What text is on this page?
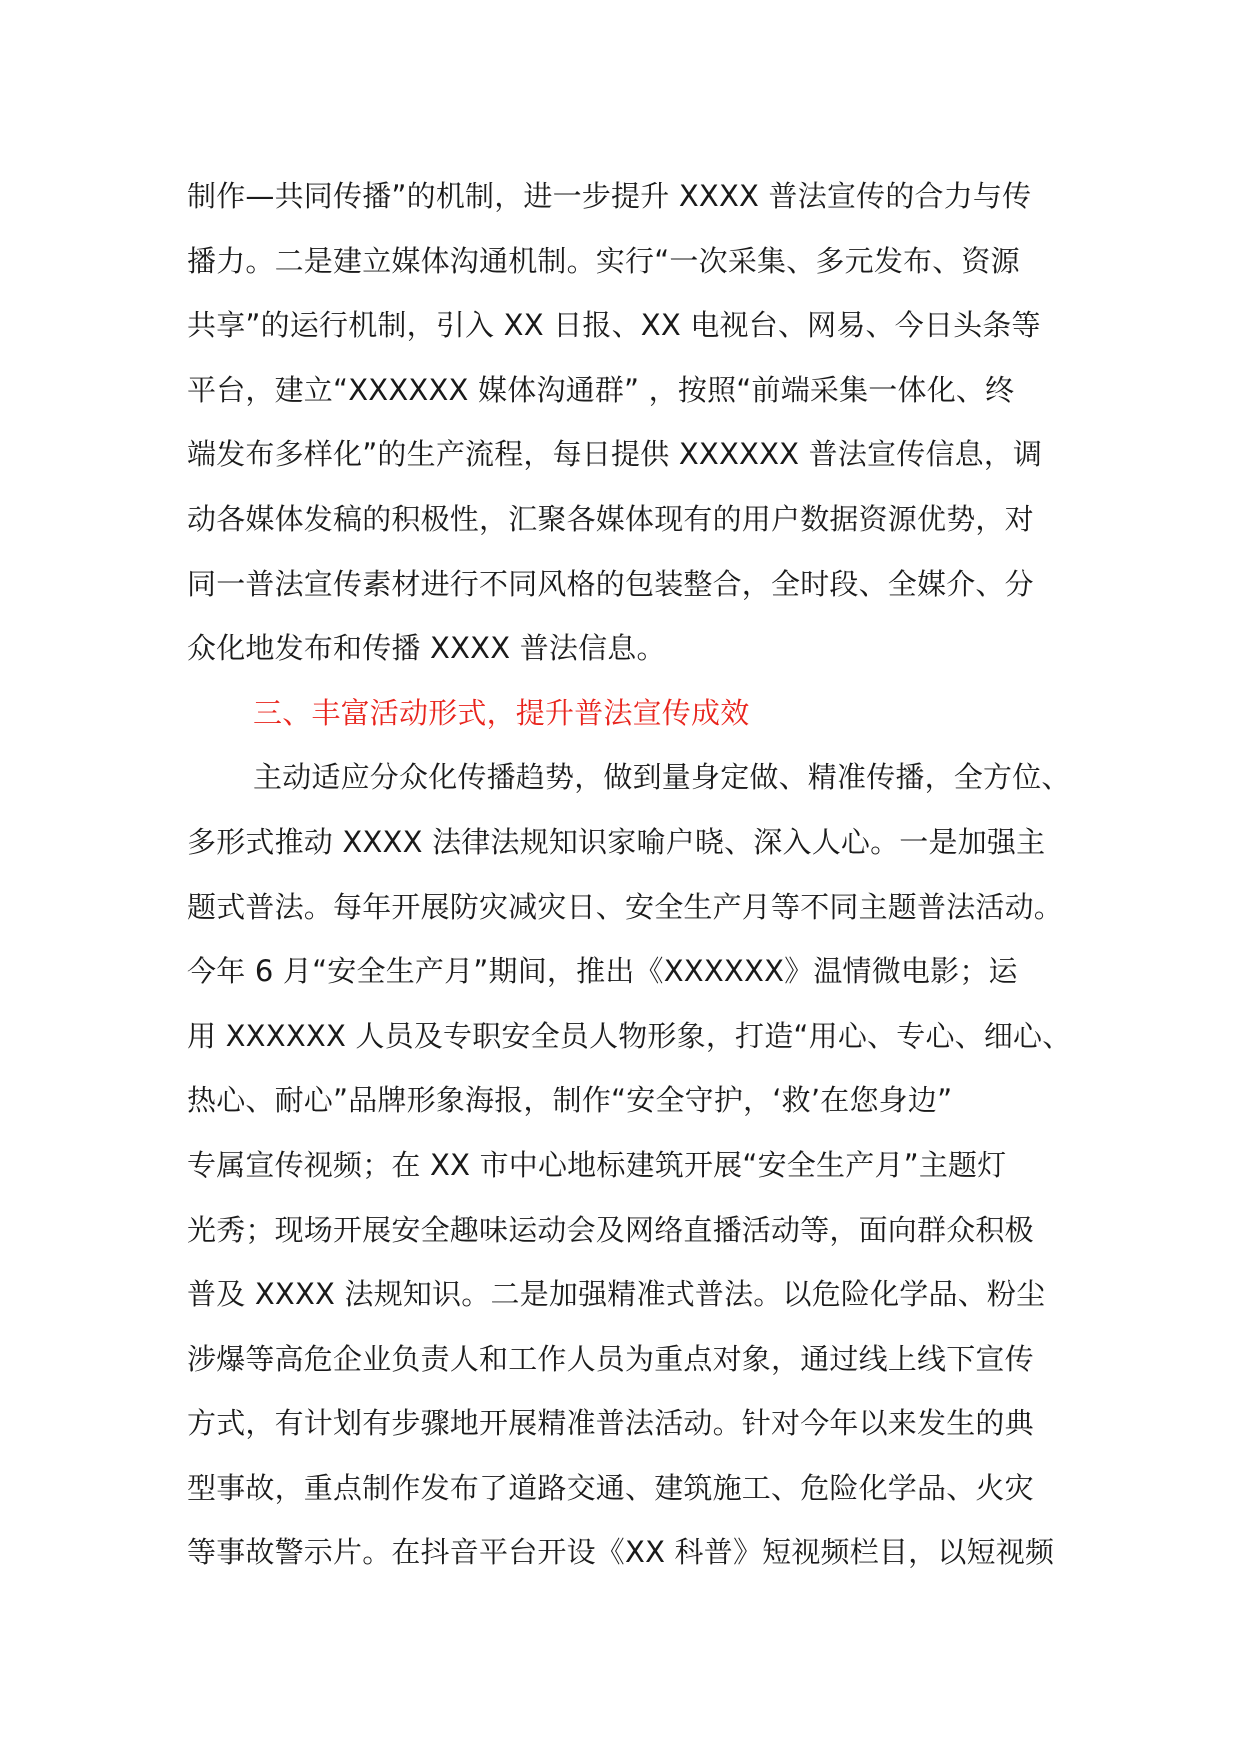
制作—共同传播”的机制，进一步提升 XXXX 普法宣传的合力与传
播力。二是建立媒体沟通机制。实行“一次采集、多元发布、资源
共享”的运行机制，引入 XX 日报、XX 电视台、网易、今日头条等
平台，建立“XXXXXX 媒体沟通群” ，按照“前端采集一体化、终
端发布多样化”的生产流程，每日提供 XXXXXX 普法宣传信息，调
动各媒体发稿的积极性，汇聚各媒体现有的用户数据资源优势，对
同一普法宣传素材进行不同风格的包装整合，全时段、全媒介、分
众化地发布和传播 XXXX 普法信息。
三、丰富活动形式，提升普法宣传成效
主动适应分众化传播趋势，做到量身定做、精准传播，全方位、
多形式推动 XXXX 法律法规知识家喻户晓、深入人心。一是加强主
题式普法。每年开展防灾减灾日、安全生产月等不同主题普法活动。
今年 6 月“安全生产月”期间，推出《XXXXXX》温情微电影；运
用 XXXXXX 人员及专职安全员人物形象，打造“用心、专心、细心、
热心、耐心”品牌形象海报，制作“安全守护，‘救’在您身边”
专属宣传视频；在 XX 市中心地标建筑开展“安全生产月”主题灯
光秀；现场开展安全趣味运动会及网络直播活动等，面向群众积极
普及 XXXX 法规知识。二是加强精准式普法。以危险化学品、粉尘
涉爆等高危企业负责人和工作人员为重点对象，通过线上线下宣传
方式，有计划有步骤地开展精准普法活动。针对今年以来发生的典
型事故，重点制作发布了道路交通、建筑施工、危险化学品、火灾
等事故警示片。在抖音平台开设《XX 科普》短视频栏目，以短视频
